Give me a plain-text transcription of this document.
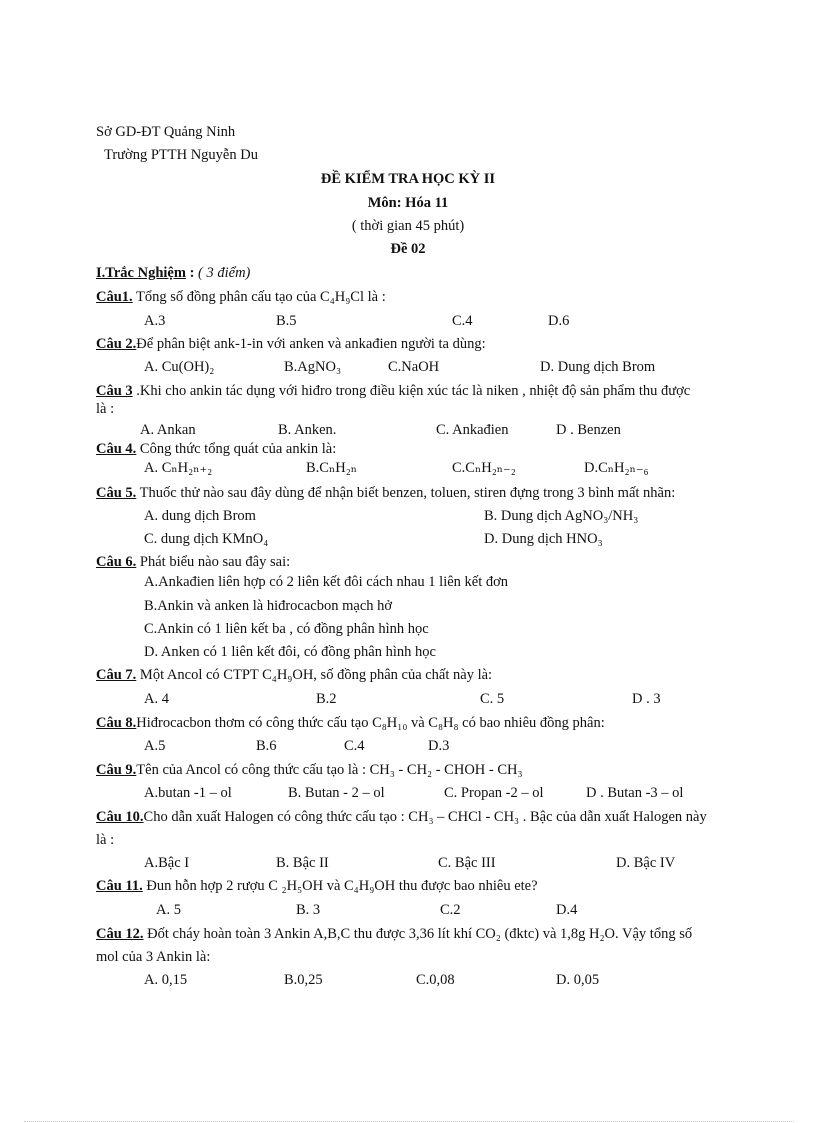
Sở GD-ĐT Quảng Ninh
Trường PTTH Nguyễn Du
ĐỀ KIỂM TRA HỌC KỲ II
Môn: Hóa 11
( thời gian 45 phút)
Đề 02
I.Trắc Nghiệm : ( 3 điểm)
Câu1. Tổng số đồng phân cấu tạo của C₄H₉Cl là :
A.3	B.5	C.4	D.6
Câu 2.Để phân biệt ank-1-in với anken và ankađien người ta dùng:
A. Cu(OH)₂	B.AgNO₃	C.NaOH	D. Dung dịch Brom
Câu 3 .Khi cho ankin tác dụng với hiđro trong điều kiện xúc tác là niken , nhiệt độ sản phẩm thu được
là :
A. Ankan	B. Anken.	C. Ankađien	D . Benzen
Câu 4. Công thức tổng quát của ankin là:
A. CₙH₂ₙ₊₂	B.CₙH₂ₙ	C.CₙH₂ₙ₋₂	D.CₙH₂ₙ₋₆
Câu 5. Thuốc thử nào sau đây dùng để nhận biết benzen, toluen, stiren đựng trong 3 bình mất nhãn:
A. dung dịch Brom	B. Dung dịch AgNO₃/NH₃
C. dung dịch KMnO₄	D. Dung dịch HNO₃
Câu 6. Phát biểu nào sau đây sai:
A.Ankađien liên hợp có 2 liên kết đôi cách nhau 1 liên kết đơn
B.Ankin và anken là hiđrocacbon mạch hở
C.Ankin có 1 liên kết ba , có đồng phân hình học
D. Anken có 1 liên kết đôi, có đồng phân hình học
Câu 7. Một Ancol có CTPT C₄H₉OH, số đồng phân của chất này là:
A. 4	B.2	C. 5	D . 3
Câu 8.Hiđrocacbon thơm có công thức cấu tạo C₈H₁₀ và C₈H₈ có bao nhiêu đồng phân:
A.5	B.6	C.4	D.3
Câu 9.Tên của Ancol có công thức cấu tạo là : CH₃ - CH₂ - CHOH - CH₃
A.butan -1 – ol	B. Butan - 2 – ol	C. Propan -2 – ol	D . Butan -3 – ol
Câu 10.Cho dẫn xuất Halogen có công thức cấu tạo : CH₃ – CHCl - CH₃ . Bậc của dẫn xuất Halogen này
là :
A.Bậc I	B. Bậc II	C. Bậc III	D. Bậc IV
Câu 11. Đun hỗn hợp 2 rượu C ₂H₅OH và C₄H₉OH thu được bao nhiêu ete?
A. 5	B. 3	C.2	D.4
Câu 12. Đốt cháy hoàn toàn 3 Ankin A,B,C thu được 3,36 lít khí CO₂ (đktc) và 1,8g H₂O. Vậy tổng số
mol của 3 Ankin là:
A. 0,15	B.0,25	C.0,08	D. 0,05
